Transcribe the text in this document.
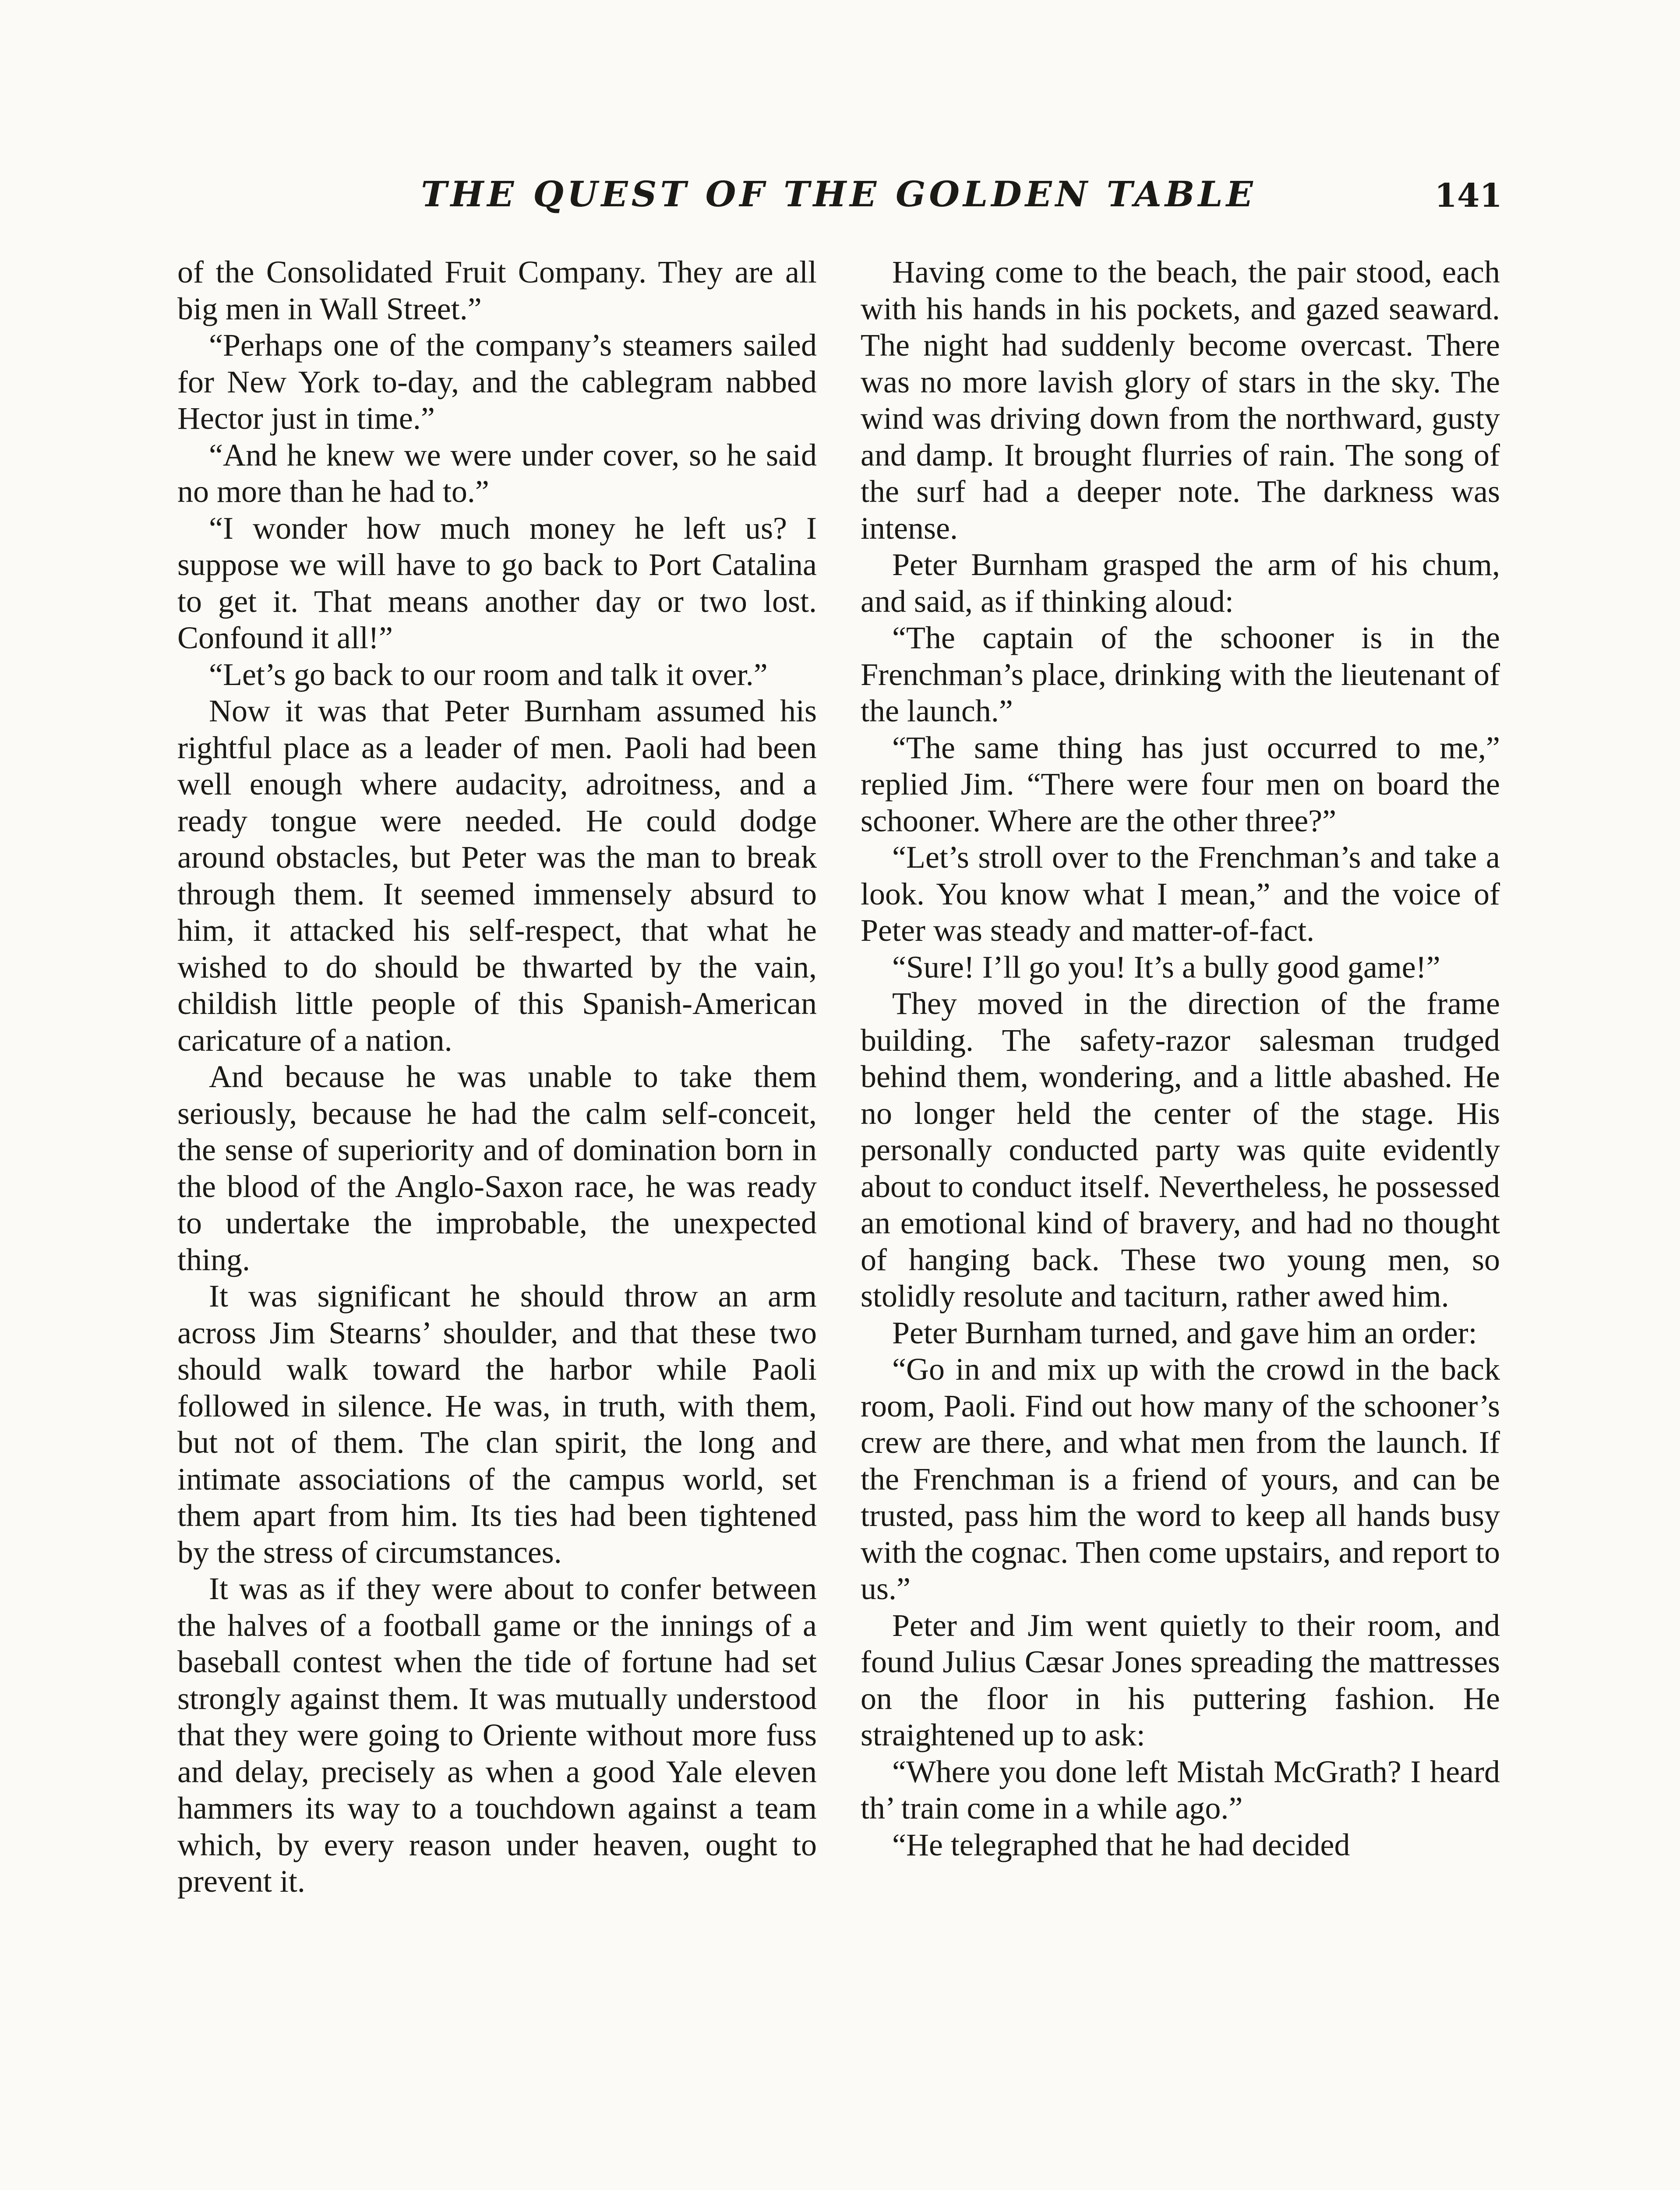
THE QUEST OF THE GOLDEN TABLE	141

of the Consolidated Fruit Company. They are all big men in Wall Street.”

“Perhaps one of the company’s steamers sailed for New York to-day, and the cablegram nabbed Hector just in time.”

“And he knew we were under cover, so he said no more than he had to.”

“I wonder how much money he left us? I suppose we will have to go back to Port Catalina to get it. That means another day or two lost. Confound it all!”

“Let’s go back to our room and talk it over.”

Now it was that Peter Burnham assumed his rightful place as a leader of men. Paoli had been well enough where audacity, adroitness, and a ready tongue were needed. He could dodge around obstacles, but Peter was the man to break through them. It seemed immensely absurd to him, it attacked his self-respect, that what he wished to do should be thwarted by the vain, childish little people of this Spanish-American caricature of a nation.

And because he was unable to take them seriously, because he had the calm self-conceit, the sense of superiority and of domination born in the blood of the Anglo-Saxon race, he was ready to undertake the improbable, the unexpected thing.

It was significant he should throw an arm across Jim Stearns’ shoulder, and that these two should walk toward the harbor while Paoli followed in silence. He was, in truth, with them, but not of them. The clan spirit, the long and intimate associations of the campus world, set them apart from him. Its ties had been tightened by the stress of circumstances.

It was as if they were about to confer between the halves of a football game or the innings of a baseball contest when the tide of fortune had set strongly against them. It was mutually understood that they were going to Oriente without more fuss and delay, precisely as when a good Yale eleven hammers its way to a touchdown against a team which, by every reason under heaven, ought to prevent it.

Having come to the beach, the pair stood, each with his hands in his pockets, and gazed seaward. The night had suddenly become overcast. There was no more lavish glory of stars in the sky. The wind was driving down from the northward, gusty and damp. It brought flurries of rain. The song of the surf had a deeper note. The darkness was intense.

Peter Burnham grasped the arm of his chum, and said, as if thinking aloud:

“The captain of the schooner is in the Frenchman’s place, drinking with the lieutenant of the launch.”

“The same thing has just occurred to me,” replied Jim. “There were four men on board the schooner. Where are the other three?”

“Let’s stroll over to the Frenchman’s and take a look. You know what I mean,” and the voice of Peter was steady and matter-of-fact.

“Sure! I’ll go you! It’s a bully good game!”

They moved in the direction of the frame building. The safety-razor salesman trudged behind them, wondering, and a little abashed. He no longer held the center of the stage. His personally conducted party was quite evidently about to conduct itself. Nevertheless, he possessed an emotional kind of bravery, and had no thought of hanging back. These two young men, so stolidly resolute and taciturn, rather awed him.

Peter Burnham turned, and gave him an order:

“Go in and mix up with the crowd in the back room, Paoli. Find out how many of the schooner’s crew are there, and what men from the launch. If the Frenchman is a friend of yours, and can be trusted, pass him the word to keep all hands busy with the cognac. Then come upstairs, and report to us.”

Peter and Jim went quietly to their room, and found Julius Cæsar Jones spreading the mattresses on the floor in his puttering fashion. He straightened up to ask:

“Where you done left Mistah McGrath? I heard th’ train come in a while ago.”

“He telegraphed that he had decided
